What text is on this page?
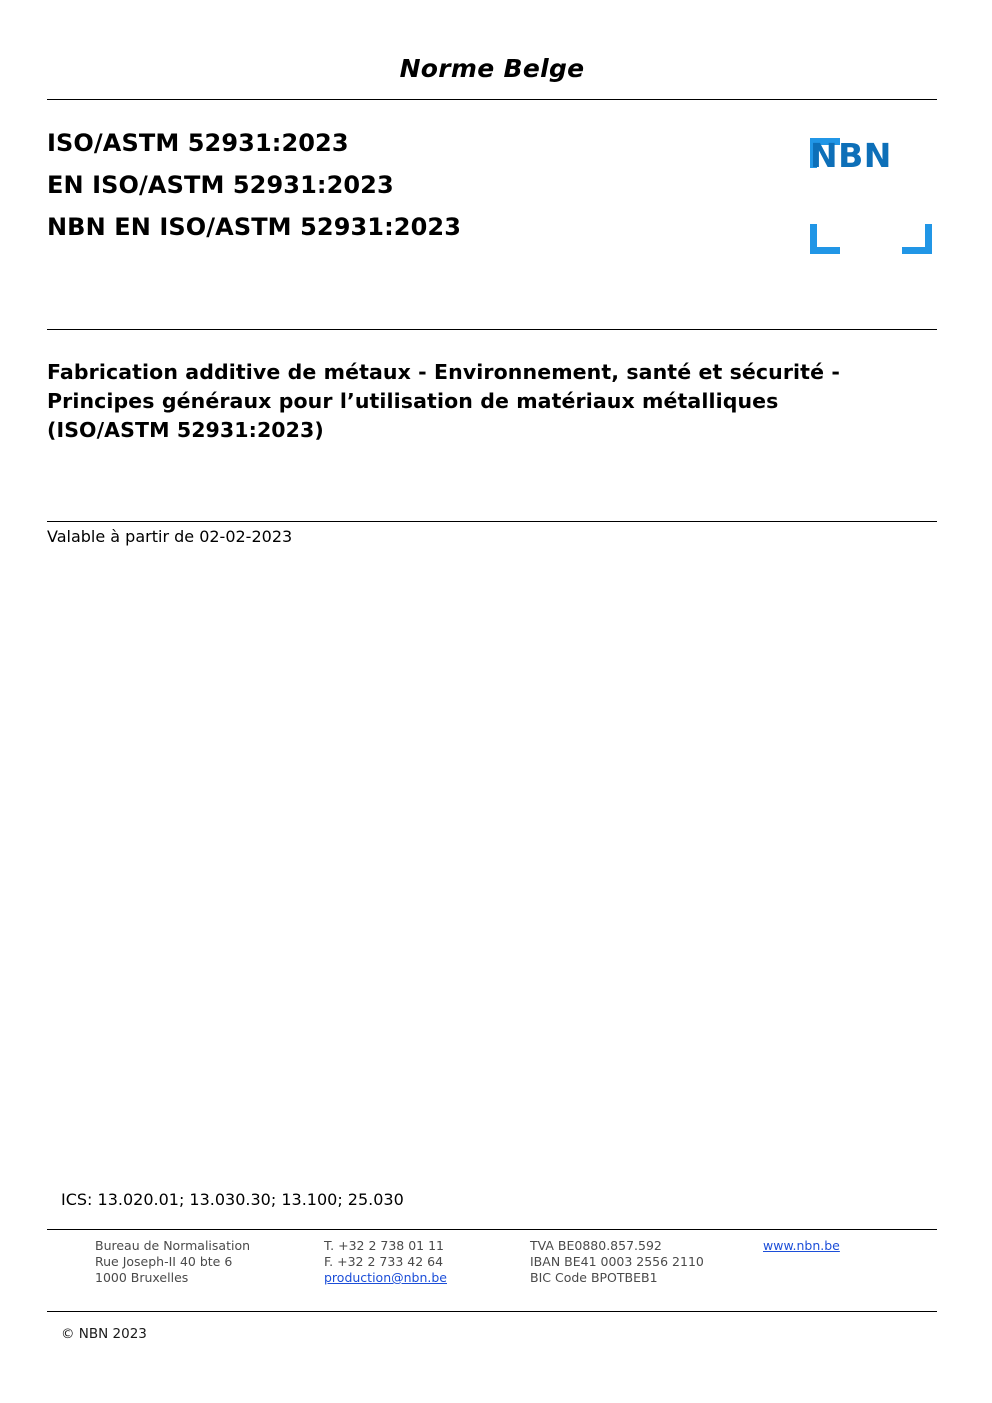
Norme Belge
ISO/ASTM 52931:2023
EN ISO/ASTM 52931:2023
NBN EN ISO/ASTM 52931:2023
NBN
Fabrication additive de métaux - Environnement, santé et sécurité - Principes généraux pour l’utilisation de matériaux métalliques (ISO/ASTM 52931:2023)
Valable à partir de 02-02-2023
ICS: 13.020.01; 13.030.30; 13.100; 25.030
Bureau de Normalisation
Rue Joseph-II 40 bte 6
1000 Bruxelles
T. +32 2 738 01 11
F. +32 2 733 42 64
production@nbn.be
TVA BE0880.857.592
IBAN BE41 0003 2556 2110
BIC Code BPOTBEB1
www.nbn.be
© NBN 2023
